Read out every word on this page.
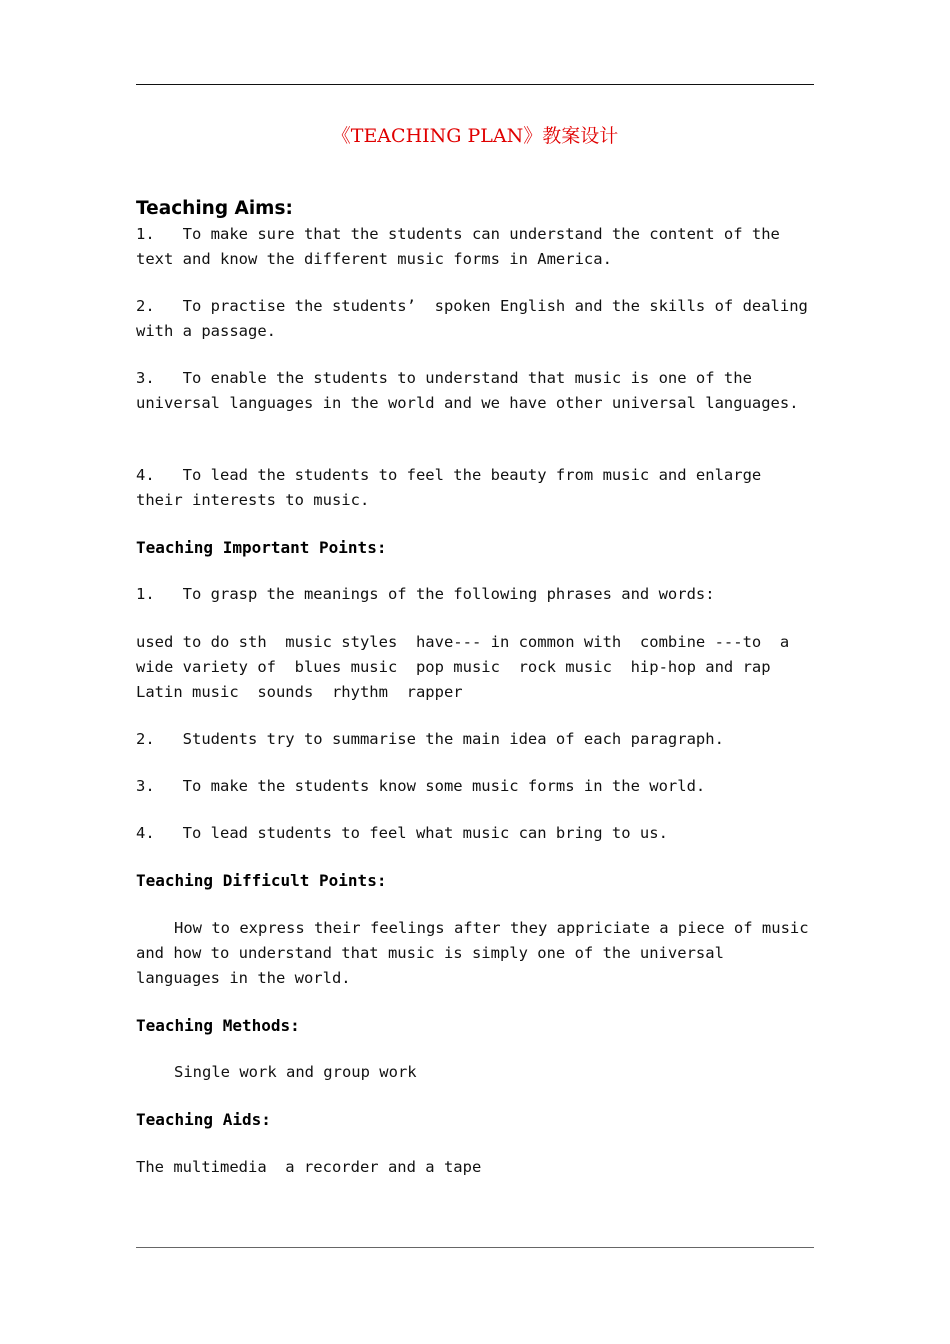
《TEACHING PLAN》教案设计

Teaching Aims:

1.   To make sure that the students can understand the content of the text and know the different music forms in America.

2.   To practise the students’  spoken English and the skills of dealing with a passage.

3.   To enable the students to understand that music is one of the universal languages in the world and we have other universal languages.

4.   To lead the students to feel the beauty from music and enlarge their interests to music.

Teaching Important Points:

1.   To grasp the meanings of the following phrases and words:

used to do sth  music styles  have--- in common with  combine ---to  a wide variety of  blues music  pop music  rock music  hip-hop and rap Latin music  sounds  rhythm  rapper

2.   Students try to summarise the main idea of each paragraph.

3.   To make the students know some music forms in the world.

4.   To lead students to feel what music can bring to us.

Teaching Difficult Points:

How to express their feelings after they appriciate a piece of music and how to understand that music is simply one of the universal languages in the world.

Teaching Methods:

Single work and group work

Teaching Aids:

The multimedia  a recorder and a tape
